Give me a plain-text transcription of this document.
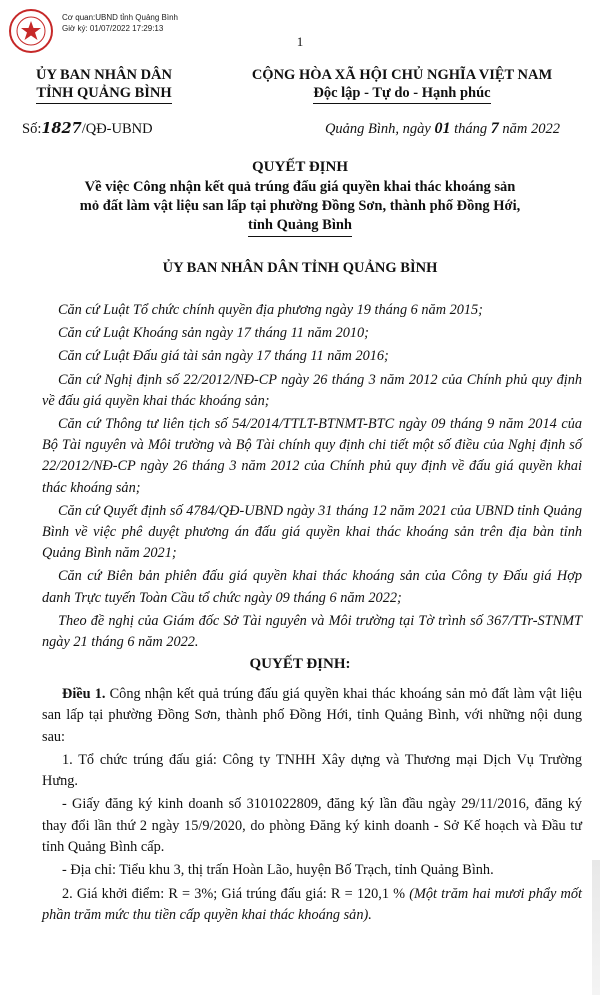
Cơ quan:UBND tỉnh Quảng Bình
Giờ ký: 01/07/2022 17:29:13
1
ỦY BAN NHÂN DÂN
TỈNH QUẢNG BÌNH
CỘNG HÒA XÃ HỘI CHỦ NGHĨA VIỆT NAM
Độc lập - Tự do - Hạnh phúc
Số:1827/QĐ-UBND	Quảng Bình, ngày 01 tháng 7 năm 2022
QUYẾT ĐỊNH
Về việc Công nhận kết quả trúng đấu giá quyền khai thác khoáng sản
mỏ đất làm vật liệu san lấp tại phường Đồng Sơn, thành phố Đồng Hới,
tỉnh Quảng Bình
ỦY BAN NHÂN DÂN TỈNH QUẢNG BÌNH

Căn cứ Luật Tổ chức chính quyền địa phương ngày 19 tháng 6 năm 2015;

Căn cứ Luật Khoáng sản ngày 17 tháng 11 năm 2010;

Căn cứ Luật Đấu giá tài sản ngày 17 tháng 11 năm 2016;

Căn cứ Nghị định số 22/2012/NĐ-CP ngày 26 tháng 3 năm 2012 của Chính phủ quy định về đấu giá quyền khai thác khoáng sản;

Căn cứ Thông tư liên tịch số 54/2014/TTLT-BTNMT-BTC ngày 09 tháng 9 năm 2014 của Bộ Tài nguyên và Môi trường và Bộ Tài chính quy định chi tiết một số điều của Nghị định số 22/2012/NĐ-CP ngày 26 tháng 3 năm 2012 của Chính phủ quy định về đấu giá quyền khai thác khoáng sản;

Căn cứ Quyết định số 4784/QĐ-UBND ngày 31 tháng 12 năm 2021 của UBND tỉnh Quảng Bình về việc phê duyệt phương án đấu giá quyền khai thác khoáng sản trên địa bàn tỉnh Quảng Bình năm 2021;

Căn cứ Biên bản phiên đấu giá quyền khai thác khoáng sản của Công ty Đấu giá Hợp danh Trực tuyến Toàn Cầu tổ chức ngày 09 tháng 6 năm 2022;

Theo đề nghị của Giám đốc Sở Tài nguyên và Môi trường tại Tờ trình số 367/TTr-STNMT ngày 21 tháng 6 năm 2022.

QUYẾT ĐỊNH:

Điều 1. Công nhận kết quả trúng đấu giá quyền khai thác khoáng sản mỏ đất làm vật liệu san lấp tại phường Đồng Sơn, thành phố Đồng Hới, tỉnh Quảng Bình, với những nội dung sau:

1. Tổ chức trúng đấu giá: Công ty TNHH Xây dựng và Thương mại Dịch Vụ Trường Hưng.

- Giấy đăng ký kinh doanh số 3101022809, đăng ký lần đầu ngày 29/11/2016, đăng ký thay đổi lần thứ 2 ngày 15/9/2020, do phòng Đăng ký kinh doanh - Sở Kế hoạch và Đầu tư tỉnh Quảng Bình cấp.

- Địa chỉ: Tiểu khu 3, thị trấn Hoàn Lão, huyện Bố Trạch, tỉnh Quảng Bình.

2. Giá khởi điểm: R = 3%; Giá trúng đấu giá: R = 120,1 % (Một trăm hai mươi phẩy mốt phần trăm mức thu tiền cấp quyền khai thác khoáng sản).
